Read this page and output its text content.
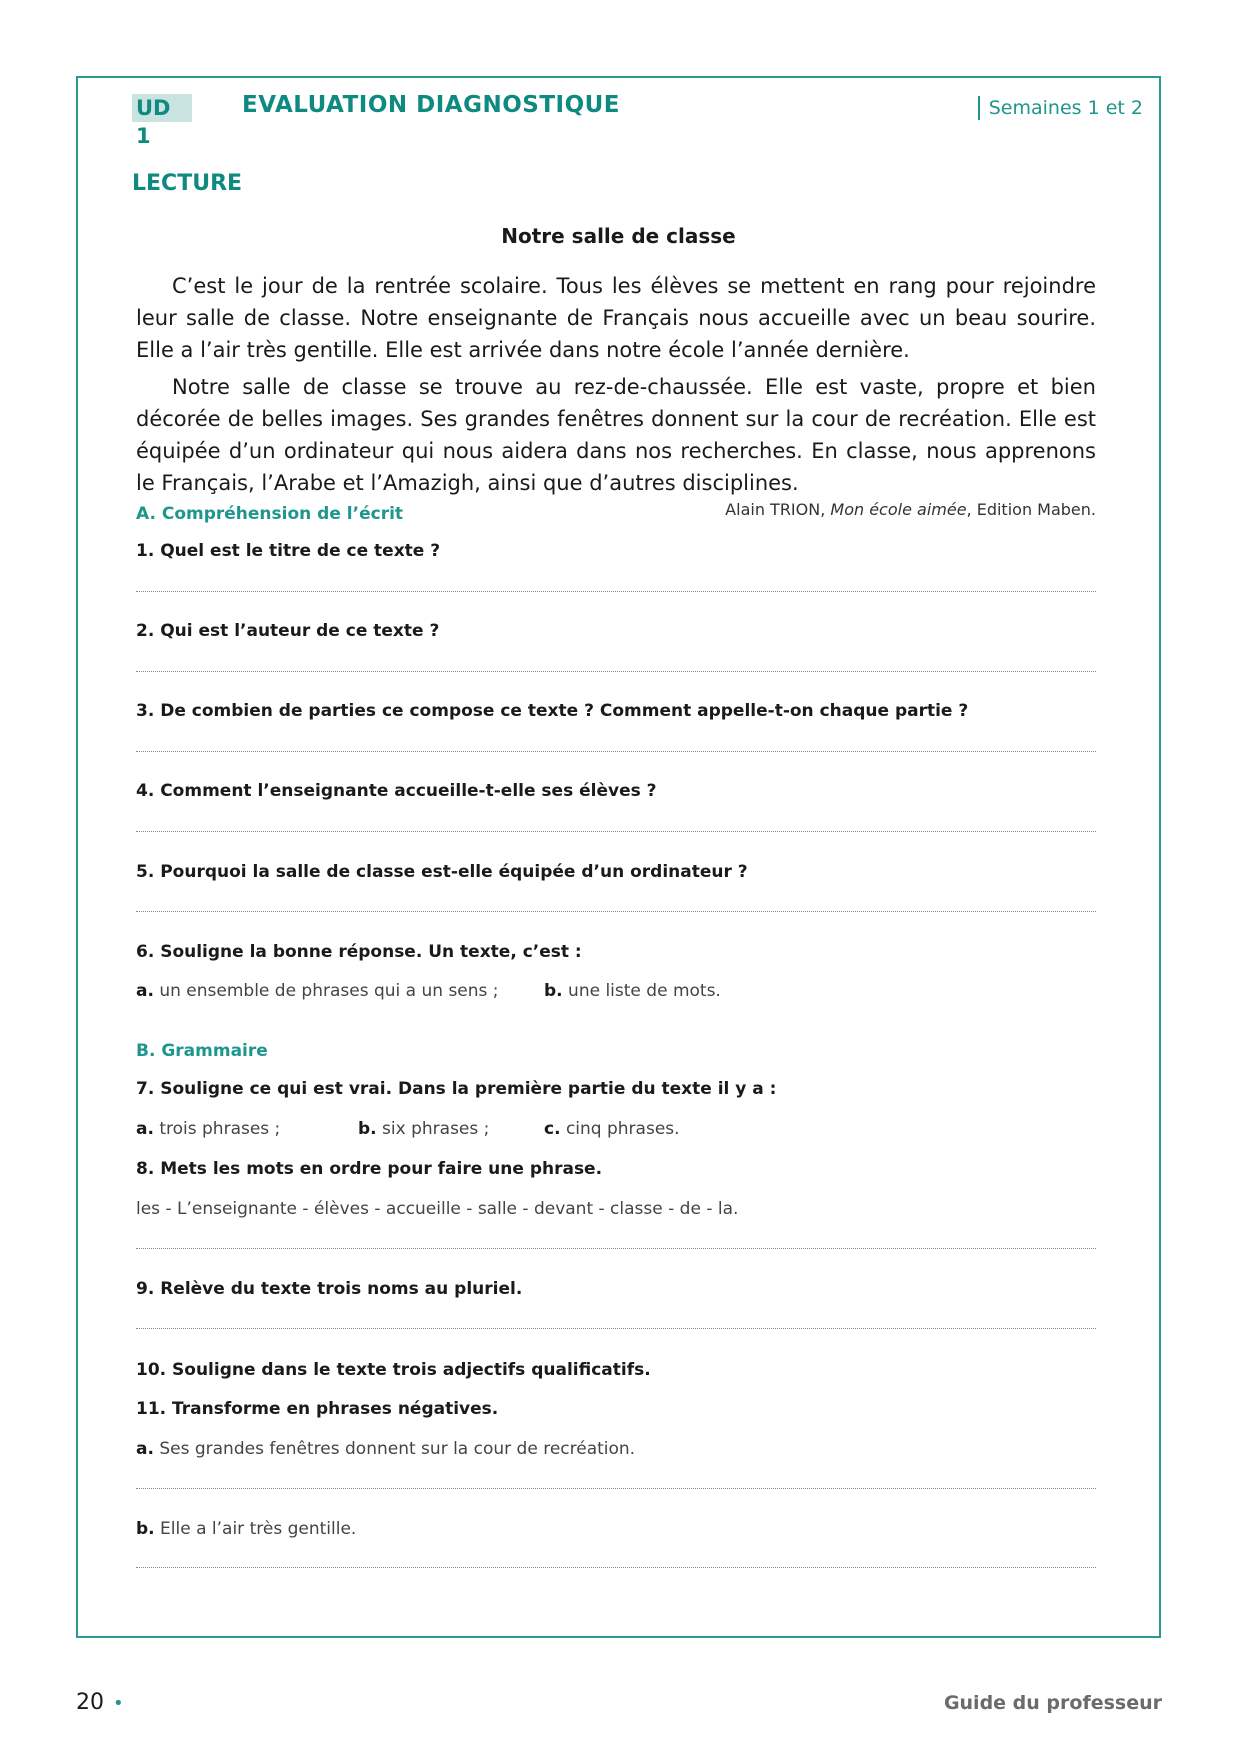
UD 1
EVALUATION DIAGNOSTIQUE	Semaines 1 et 2
LECTURE
Notre salle de classe

C’est le jour de la rentrée scolaire. Tous les élèves se mettent en rang pour rejoindre leur salle de classe. Notre enseignante de Français nous accueille avec un beau sourire. Elle a l’air très gentille. Elle est arrivée dans notre école l’année dernière.

Notre salle de classe se trouve au rez-de-chaussée. Elle est vaste, propre et bien décorée de belles images. Ses grandes fenêtres donnent sur la cour de recréation. Elle est équipée d’un ordinateur qui nous aidera dans nos recherches. En classe, nous apprenons le Français, l’Arabe et l’Amazigh, ainsi que d’autres disciplines.

Alain TRION, Mon école aimée, Edition Maben.
A. Compréhension de l’écrit
1. Quel est le titre de ce texte ?
2. Qui est l’auteur de ce texte ?
3. De combien de parties ce compose ce texte ? Comment appelle-t-on chaque partie ?
4. Comment l’enseignante accueille-t-elle ses élèves ?
5. Pourquoi la salle de classe est-elle équipée d’un ordinateur ?
6. Souligne la bonne réponse. Un texte, c’est :
a. un ensemble de phrases qui a un sens ;	b. une liste de mots.
B. Grammaire
7. Souligne ce qui est vrai. Dans la première partie du texte il y a :
a. trois phrases ;	b. six phrases ;	c. cinq phrases.
8. Mets les mots en ordre pour faire une phrase.
les - L’enseignante - élèves - accueille - salle - devant - classe - de - la.
9. Relève du texte trois noms au pluriel.
10. Souligne dans le texte trois adjectifs qualificatifs.
11. Transforme en phrases négatives.
a. Ses grandes fenêtres donnent sur la cour de recréation.
b. Elle a l’air très gentille.
20 •	Guide du professeur
